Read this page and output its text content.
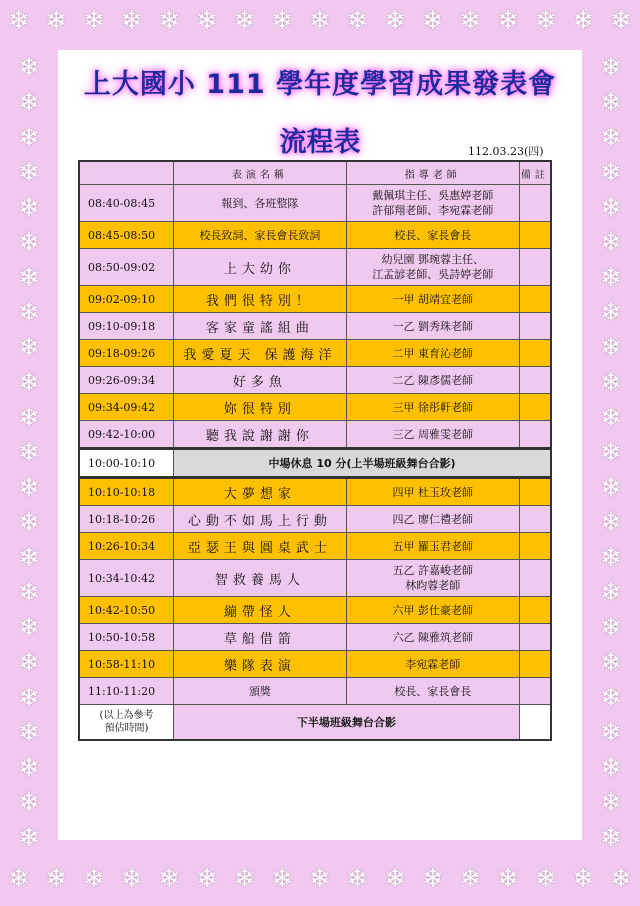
❄ ❄ ❄ ❄ ❄ ❄ ❄ ❄ ❄ ❄ ❄ ❄ ❄ ❄ ❄ ❄ ❄
❄ ❄ ❄ ❄ ❄ ❄ ❄ ❄ ❄ ❄ ❄ ❄ ❄ ❄ ❄ ❄ ❄
❄
❄
❄
❄
❄
❄
❄
❄
❄
❄
❄
❄
❄
❄
❄
❄
❄
❄
❄
❄
❄
❄
❄
❄
❄
❄
❄
❄
❄
❄
❄
❄
❄
❄
❄
❄
❄
❄
❄
❄
❄
❄
❄
❄
❄
❄
上大國小 111 學年度學習成果發表會
流程表	112.03.23(四)
	表演名稱	指導老師	備註
08:40-08:45	報到、各班整隊	戴佩琪主任、吳惠婷老師
許郁翔老師、李宛霖老師	

08:45-08:50	校長致詞、家長會長致詞	校長、家長會長	

08:50-09:02	上大幼你	幼兒園 鄧琬蓉主任、
江孟諺老師、吳詩婷老師	

09:02-09:10	我們很特別！	一甲 胡靖宜老師	

09:10-09:18	客家童謠組曲	一乙 劉秀珠老師	

09:18-09:26	我愛夏天 保護海洋	二甲 東育沁老師	

09:26-09:34	好多魚	二乙 陳彥儒老師	

09:34-09:42	妳很特別	三甲 徐彤軒老師	

09:42-10:00	聽我說謝謝你	三乙 周雅雯老師	

10:00-10:10	中場休息 10 分(上半場班級舞台合影)		
10:10-10:18	大夢想家	四甲 杜玉玫老師	

10:18-10:26	心動不如馬上行動	四乙 廖仁禮老師	

10:26-10:34	亞瑟王與圓桌武士	五甲 羅玉君老師	

10:34-10:42	智救養馬人	五乙 許嘉峻老師
林昀蓉老師	

10:42-10:50	繃帶怪人	六甲 彭仕豪老師	

10:50-10:58	草船借箭	六乙 陳雅筑老師	

10:58-11:10	樂隊表演	李宛霖老師	

11:10-11:20	頒獎	校長、家長會長	

(以上為參考
預估時間)	下半場班級舞台合影		
